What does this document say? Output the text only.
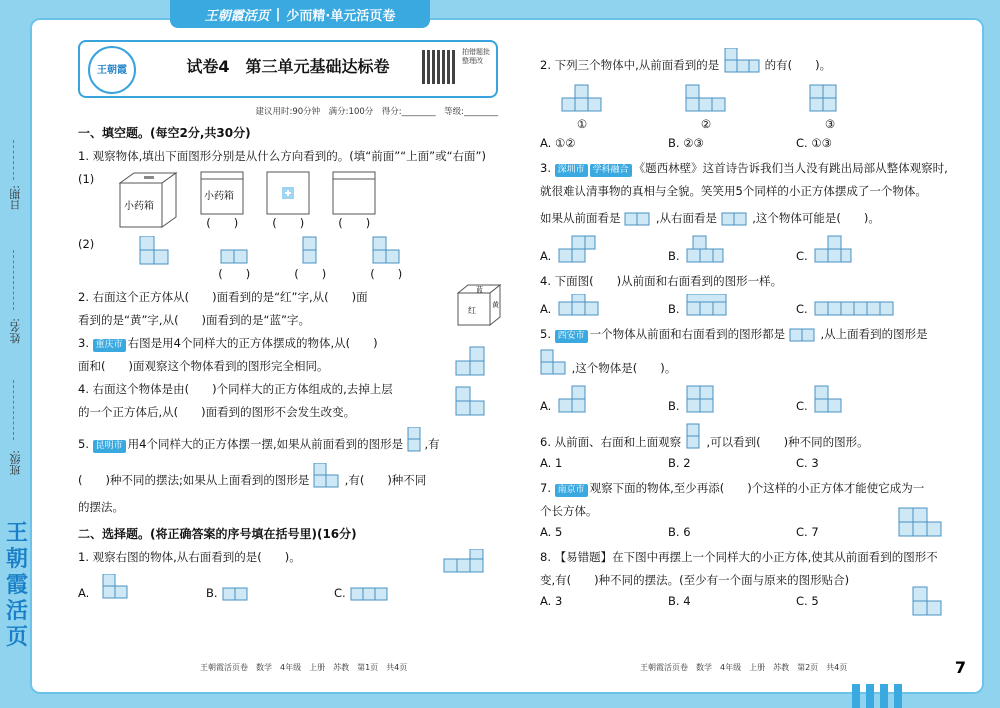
王朝霞活页 | 少而精·单元活页卷
日期:
姓名:
班级:
王朝霞活页
王朝霞	试卷4　第三单元基础达标卷
拍错题批整理改
建议用时:90分钟　满分:100分　得分:________　等级:________
一、填空题。(每空2分,共30分)
1. 观察物体,填出下面图形分别是从什么方向看到的。(填“前面”“上面”或“右面”)
(1)
小药箱
小药箱
(　　)	(　　)	(　　)
(2)
(　　)	(　　)	(　　)
2. 右面这个正方体从(　　)面看到的是“红”字,从(　　)面
看到的是“黄”字,从(　　)面看到的是“蓝”字。
蓝
红
黄
3. 重庆市 右图是用4个同样大的正方体摆成的物体,从(　　)
面和(　　)面观察这个物体看到的图形完全相同。
4. 右面这个物体是由(　　)个同样大的正方体组成的,去掉上层
的一个正方体后,从(　　)面看到的图形不会发生改变。
5. 昆明市 用4个同样大的正方体摆一摆,如果从前面看到的图形是 ,有
(　　)种不同的摆法;如果从上面看到的图形是	,有(　　)种不同
的摆法。
二、选择题。(将正确答案的序号填在括号里)(16分)
1. 观察右图的物体,从右面看到的是(　　)。
A.	B.	C.
王朝霞活页卷　数学　4年级　上册　苏教　第1页　共4页
2. 下列三个物体中,从前面看到的是	的有(　　)。
①	②	③
A. ①②	B. ②③	C. ①③
3. 深圳市 学科融合 《题西林壁》这首诗告诉我们当人没有跳出局部从整体观察时,
就很难认清事物的真相与全貌。笑笑用5个同样的小正方体摆成了一个物体。
如果从前面看是	,从右面看是	,这个物体可能是(　　)。
A.	B.	C.
4. 下面图(　　)从前面和右面看到的图形一样。
A.	B.	C.
5. 西安市 一个物体从前面和右面看到的图形都是	,从上面看到的图形是
,这个物体是(　　)。
A.	B.	C.
6. 从前面、右面和上面观察 ,可以看到(　　)种不同的图形。
A. 1	B. 2	C. 3
7. 南京市 观察下面的物体,至少再添(　　)个这样的小正方体才能使它成为一
个长方体。
A. 5	B. 6	C. 7
8. 【易错题】在下图中再摆上一个同样大的小正方体,使其从前面看到的图形不
变,有(　　)种不同的摆法。(至少有一个面与原来的图形贴合)
A. 3	B. 4	C. 5
王朝霞活页卷　数学　4年级　上册　苏教　第2页　共4页	7
